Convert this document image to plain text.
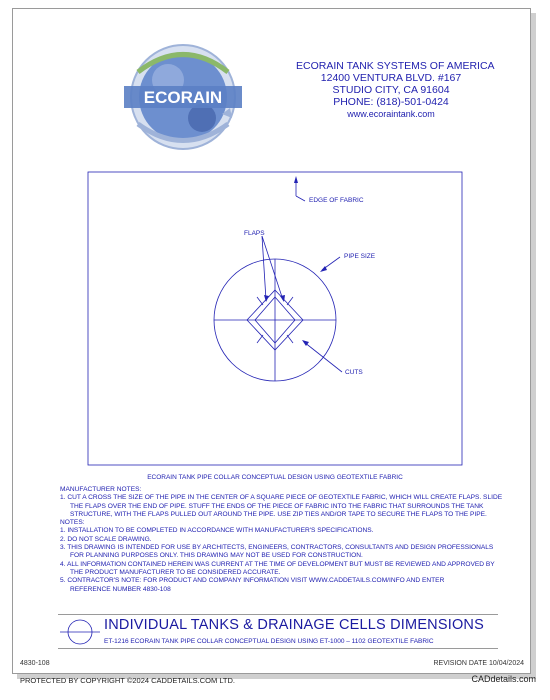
ECORAIN
ECORAIN TANK SYSTEMS OF AMERICA
12400 VENTURA BLVD. #167
STUDIO CITY, CA 91604
PHONE: (818)-501-0424
www.ecoraintank.com
EDGE OF FABRIC
FLAPS
PIPE SIZE
CUTS
ECORAIN TANK PIPE COLLAR CONCEPTUAL DESIGN USING GEOTEXTILE FABRIC
MANUFACTURER NOTES:
1. CUT A CROSS THE SIZE OF THE PIPE IN THE CENTER OF A SQUARE PIECE OF GEOTEXTILE FABRIC, WHICH WILL CREATE FLAPS. SLIDE
THE FLAPS OVER THE END OF PIPE. STUFF THE ENDS OF THE PIECE OF FABRIC INTO THE FABRIC THAT SURROUNDS THE TANK
STRUCTURE, WITH THE FLAPS PULLED OUT AROUND THE PIPE. USE ZIP TIES AND/OR TAPE TO SECURE THE FLAPS TO THE PIPE.
NOTES:
1. INSTALLATION TO BE COMPLETED IN ACCORDANCE WITH MANUFACTURER'S SPECIFICATIONS.
2. DO NOT SCALE DRAWING.
3. THIS DRAWING IS INTENDED FOR USE BY ARCHITECTS, ENGINEERS, CONTRACTORS, CONSULTANTS AND DESIGN PROFESSIONALS
FOR PLANNING PURPOSES ONLY. THIS DRAWING MAY NOT BE USED FOR CONSTRUCTION.
4. ALL INFORMATION CONTAINED HEREIN WAS CURRENT AT THE TIME OF DEVELOPMENT BUT MUST BE REVIEWED AND APPROVED BY
THE PRODUCT MANUFACTURER TO BE CONSIDERED ACCURATE.
5. CONTRACTOR'S NOTE: FOR PRODUCT AND COMPANY INFORMATION VISIT WWW.CADDETAILS.COM/INFO AND ENTER
REFERENCE NUMBER 4830-108
INDIVIDUAL TANKS & DRAINAGE CELLS DIMENSIONS
ET-1216 ECORAIN TANK PIPE COLLAR CONCEPTUAL DESIGN USING ET-1000 – 1102 GEOTEXTILE FABRIC
4830-108	REVISION DATE 10/04/2024
PROTECTED BY COPYRIGHT ©2024 CADDETAILS.COM LTD.	CADdetails.com
